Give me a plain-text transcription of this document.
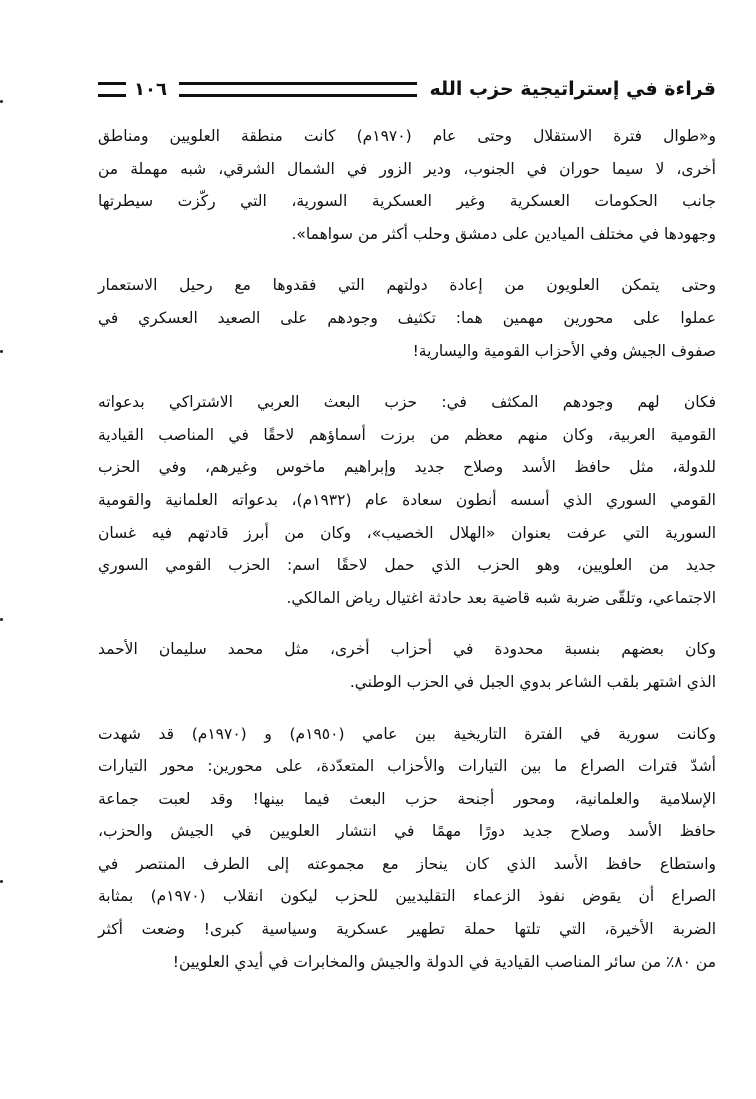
قراءة في إستراتيجية حزب الله
١٠٦
و«طوال فترة الاستقلال وحتى عام (١٩٧٠م) كانت منطقة العلويين ومناطق
أخرى، لا سيما حوران في الجنوب، ودير الزور في الشمال الشرقي، شبه مهملة من
جانب الحكومات العسكرية وغير العسكرية السورية، التي ركّزت سيطرتها
وجهودها في مختلف الميادين على دمشق وحلب أكثر من سواهما».
وحتى يتمكن العلويون من إعادة دولتهم التي فقدوها مع رحيل الاستعمار
عملوا على محورين مهمين هما: تكثيف وجودهم على الصعيد العسكري في
صفوف الجيش وفي الأحزاب القومية واليسارية!
فكان لهم وجودهم المكثف في: حزب البعث العربي الاشتراكي بدعواته
القومية العربية، وكان منهم معظم من برزت أسماؤهم لاحقًا في المناصب القيادية
للدولة، مثل حافظ الأسد وصلاح جديد وإبراهيم ماخوس وغيرهم، وفي الحزب
القومي السوري الذي أسسه أنطون سعادة عام (١٩٣٢م)، بدعواته العلمانية والقومية
السورية التي عرفت بعنوان «الهلال الخصيب»، وكان من أبرز قادتهم فيه غسان
جديد من العلويين، وهو الحزب الذي حمل لاحقًا اسم: الحزب القومي السوري
الاجتماعي، وتلقّى ضربة شبه قاضية بعد حادثة اغتيال رياض المالكي.
وكان بعضهم بنسبة محدودة في أحزاب أخرى، مثل محمد سليمان الأحمد
الذي اشتهر بلقب الشاعر بدوي الجبل في الحزب الوطني.
وكانت سورية في الفترة التاريخية بين عامي (١٩٥٠م) و (١٩٧٠م) قد شهدت
أشدّ فترات الصراع ما بين التيارات والأحزاب المتعدّدة، على محورين: محور التيارات
الإسلامية والعلمانية، ومحور أجنحة حزب البعث فيما بينها! وقد لعبت جماعة
حافظ الأسد وصلاح جديد دورًا مهمًا في انتشار العلويين في الجيش والحزب،
واستطاع حافظ الأسد الذي كان ينحاز مع مجموعته إلى الطرف المنتصر في
الصراع أن يقوض نفوذ الزعماء التقليديين للحزب ليكون انقلاب (١٩٧٠م) بمثابة
الضربة الأخيرة، التي تلتها حملة تطهير عسكرية وسياسية كبرى! وضعت أكثر
من ٨٠٪ من سائر المناصب القيادية في الدولة والجيش والمخابرات في أيدي العلويين!
